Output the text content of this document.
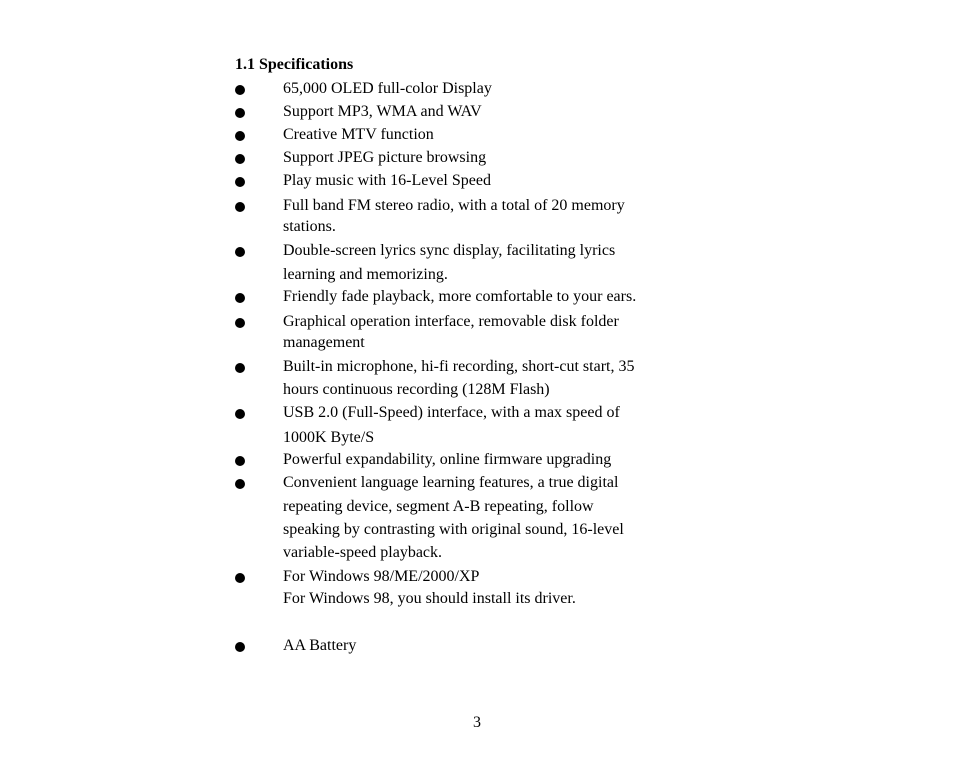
1.1 Specifications
65,000 OLED full-color Display
Support MP3, WMA and WAV
Creative MTV function
Support JPEG picture browsing
Play music with 16-Level Speed
Full band FM stereo radio, with a total of 20 memory
stations.
Double-screen lyrics sync display, facilitating lyrics
learning and memorizing.
Friendly fade playback, more comfortable to your ears.
Graphical operation interface, removable disk folder
management
Built-in microphone, hi-fi recording, short-cut start, 35
hours continuous recording (128M Flash)
USB 2.0 (Full-Speed) interface, with a max speed of
1000K Byte/S
Powerful expandability, online firmware upgrading
Convenient language learning features, a true digital
repeating device, segment A-B repeating, follow
speaking by contrasting with original sound, 16-level
variable-speed playback.
For Windows 98/ME/2000/XP
For Windows 98, you should install its driver.
AA Battery
3
